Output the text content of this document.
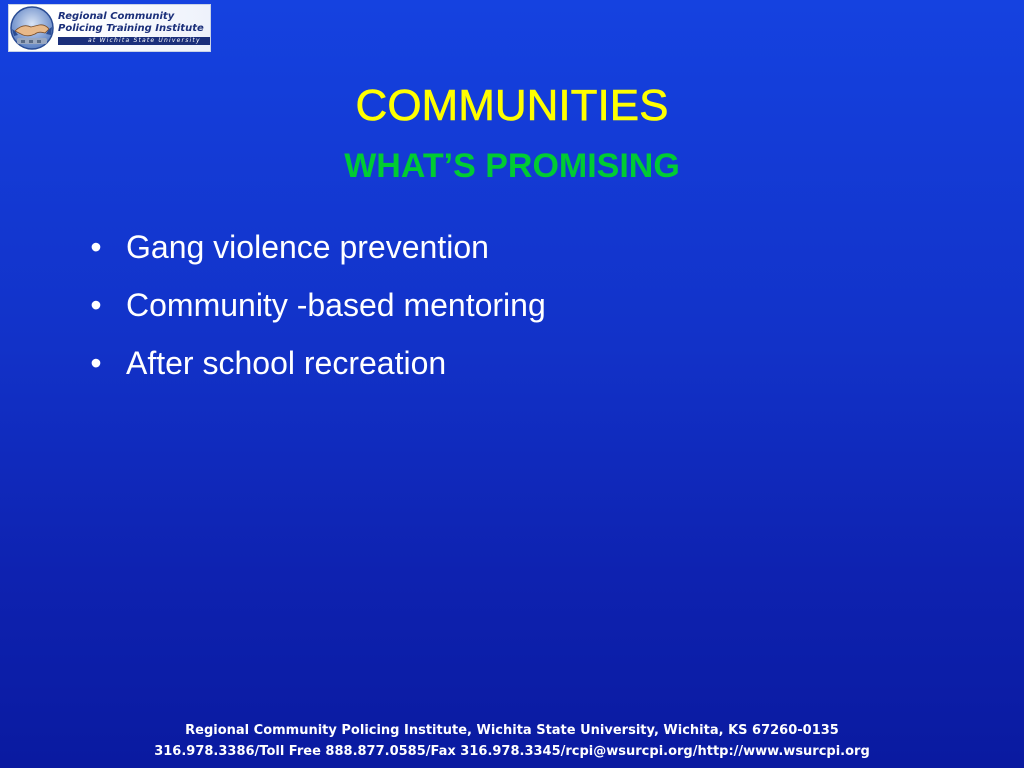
Regional Community
Policing Training Institute
at Wichita State University
COMMUNITIES
WHAT’S PROMISING
• Gang violence prevention
• Community -based mentoring
• After school recreation
Regional Community Policing Institute, Wichita State University, Wichita, KS 67260-0135
316.978.3386/Toll Free 888.877.0585/Fax 316.978.3345/rcpi@wsurcpi.org/http://www.wsurcpi.org
